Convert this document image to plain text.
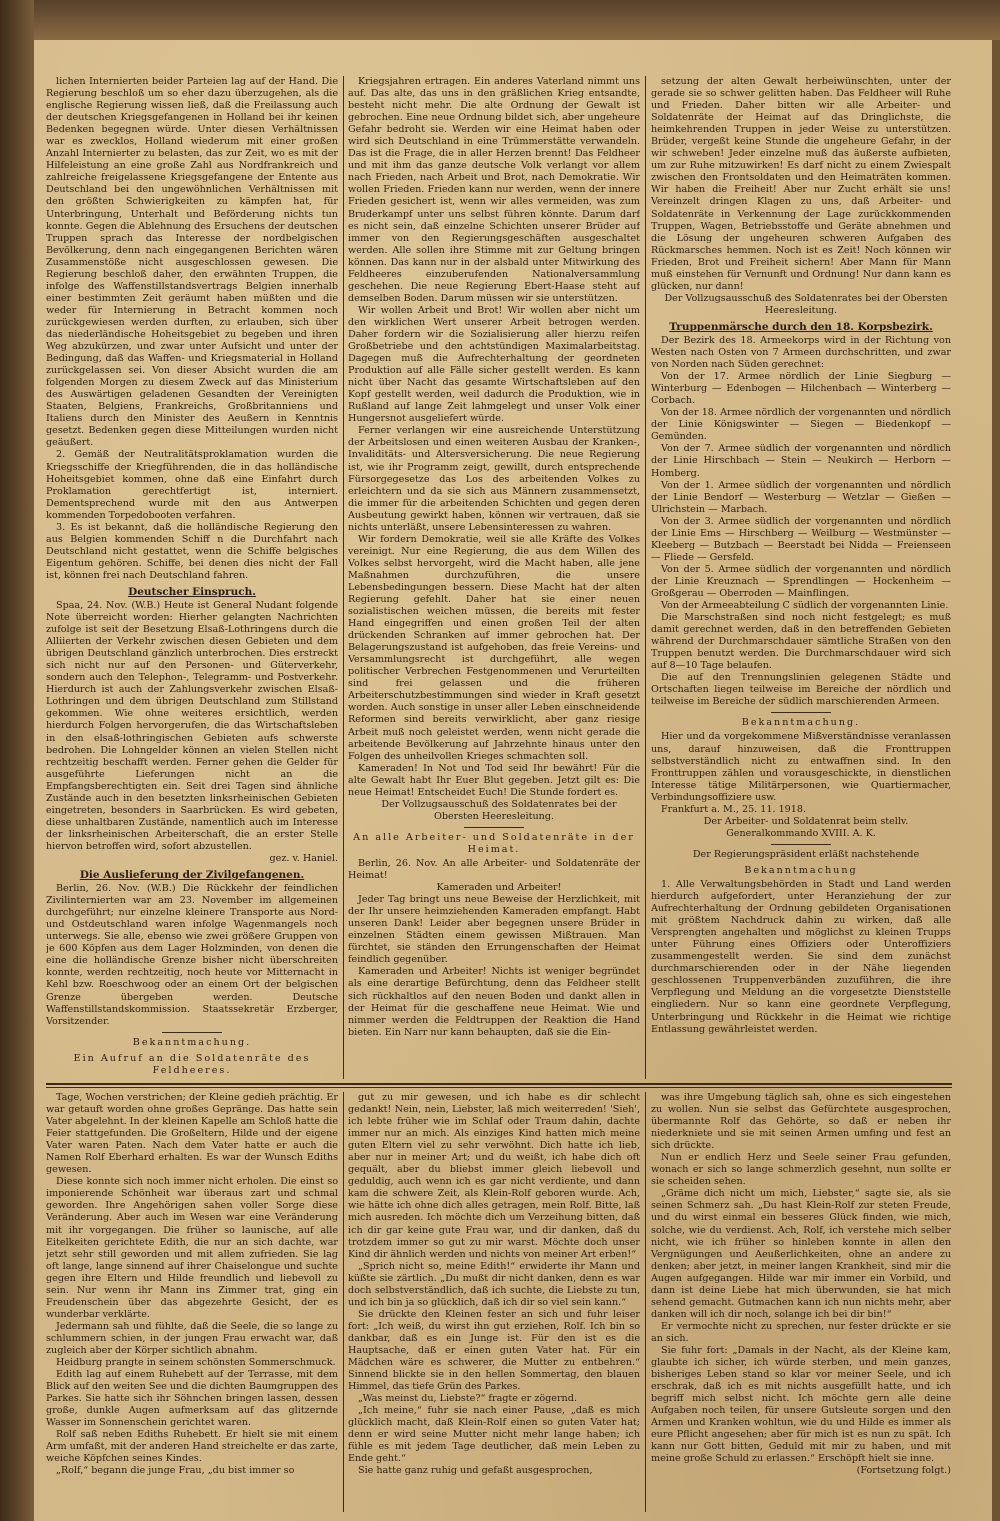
lichen Internierten beider Parteien lag auf der Hand. Die Regierung beschloß um so eher dazu überzugehen, als die englische Regierung wissen ließ, daß die Freilassung auch der deutschen Kriegsgefangenen in Holland bei ihr keinen Bedenken begegnen würde. Unter diesen Verhältnissen war es zwecklos, Holland wiederum mit einer großen Anzahl Internierter zu belasten, das zur Zeit, wo es mit der Hilfeleistung an eine große Zahl aus Nordfrankreich und zahlreiche freigelassene Kriegsgefangene der Entente aus Deutschland bei den ungewöhnlichen Verhältnissen mit den größten Schwierigkeiten zu kämpfen hat, für Unterbringung, Unterhalt und Beförderung nichts tun konnte. Gegen die Ablehnung des Ersuchens der deutschen Truppen sprach das Interesse der nordbelgischen Bevölkerung, denn nach eingegangenen Berichten wären Zusammenstöße nicht ausgeschlossen gewesen. Die Regierung beschloß daher, den erwähnten Truppen, die infolge des Waffenstillstandsvertrags Belgien innerhalb einer bestimmten Zeit geräumt haben müßten und die weder für Internierung in Betracht kommen noch zurückgewiesen werden durften, zu erlauben, sich über das niederländische Hoheitsgebiet zu begeben und ihren Weg abzukürzen, und zwar unter Aufsicht und unter der Bedingung, daß das Waffen- und Kriegsmaterial in Holland zurückgelassen sei. Von dieser Absicht wurden die am folgenden Morgen zu diesem Zweck auf das Ministerium des Auswärtigen geladenen Gesandten der Vereinigten Staaten, Belgiens, Frankreichs, Großbritanniens und Italiens durch den Minister des Aeußern in Kenntnis gesetzt. Bedenken gegen diese Mitteilungen wurden nicht geäußert.

2. Gemäß der Neutralitätsproklamation wurden die Kriegsschiffe der Kriegführenden, die in das holländische Hoheitsgebiet kommen, ohne daß eine Einfahrt durch Proklamation gerechtfertigt ist, interniert. Dementsprechend wurde mit den aus Antwerpen kommenden Torpedobooten verfahren.

3. Es ist bekannt, daß die holländische Regierung den aus Belgien kommenden Schiff n die Durchfahrt nach Deutschland nicht gestattet, wenn die Schiffe belgisches Eigentum gehören. Schiffe, bei denen dies nicht der Fall ist, können frei nach Deutschland fahren.

Deutscher Einspruch.

Spaa, 24. Nov. (W.B.) Heute ist General Nudant folgende Note überreicht worden: Hierher gelangten Nachrichten zufolge ist seit der Besetzung Elsaß-Lothringens durch die Alliierten der Verkehr zwischen diesen Gebieten und dem übrigen Deutschland gänzlich unterbrochen. Dies erstreckt sich nicht nur auf den Personen- und Güterverkehr, sondern auch den Telephon-, Telegramm- und Postverkehr. Hierdurch ist auch der Zahlungsverkehr zwischen Elsaß-Lothringen und dem übrigen Deutschland zum Stillstand gekommen. Wie ohne weiteres ersichtlich, werden hierdurch Folgen hervorgerufen, die das Wirtschaftsleben in den elsaß-lothringischen Gebieten aufs schwerste bedrohen. Die Lohngelder können an vielen Stellen nicht rechtzeitig beschafft werden. Ferner gehen die Gelder für ausgeführte Lieferungen nicht an die Empfangsberechtigten ein. Seit drei Tagen sind ähnliche Zustände auch in den besetzten linksrheinischen Gebieten eingetreten, besonders in Saarbrücken. Es wird gebeten, diese unhaltbaren Zustände, namentlich auch im Interesse der linksrheinischen Arbeiterschaft, die an erster Stelle hiervon betroffen wird, sofort abzustellen.

gez. v. Haniel.

Die Auslieferung der Zivilgefangenen.

Berlin, 26. Nov. (W.B.) Die Rückkehr der feindlichen Zivilinternierten war am 23. November im allgemeinen durchgeführt; nur einzelne kleinere Transporte aus Nord- und Ostdeutschland waren infolge Wagenmangels noch unterwegs. Sie alle, ebenso wie zwei größere Gruppen von je 600 Köpfen aus dem Lager Holzminden, von denen die eine die holländische Grenze bisher nicht überschreiten konnte, werden rechtzeitig, noch heute vor Mitternacht in Kehl bzw. Roeschwoog oder an einem Ort der belgischen Grenze übergeben werden. Deutsche Waffenstillstandskommission. Staatssekretär Erzberger, Vorsitzender.

Bekanntmachung.
Ein Aufruf an die Soldatenräte des Feldheeres.

Kriegsjahren ertragen. Ein anderes Vaterland nimmt uns auf. Das alte, das uns in den gräßlichen Krieg entsandte, besteht nicht mehr. Die alte Ordnung der Gewalt ist gebrochen. Eine neue Ordnung bildet sich, aber ungeheure Gefahr bedroht sie. Werden wir eine Heimat haben oder wird sich Deutschland in eine Trümmerstätte verwandeln. Das ist die Frage, die in aller Herzen brennt! Das Feldheer und mit ihm das ganze deutsche Volk verlangt vor allem nach Frieden, nach Arbeit und Brot, nach Demokratie. Wir wollen Frieden. Frieden kann nur werden, wenn der innere Frieden gesichert ist, wenn wir alles vermeiden, was zum Bruderkampf unter uns selbst führen könnte. Darum darf es nicht sein, daß einzelne Schichten unserer Brüder auf immer von den Regierungsgeschäften ausgeschaltet werden. Alle sollen ihre Stimme mit zur Geltung bringen können. Das kann nur in der alsbald unter Mitwirkung des Feldheeres einzuberufenden Nationalversammlung geschehen. Die neue Regierung Ebert-Haase steht auf demselben Boden. Darum müssen wir sie unterstützen.

Wir wollen Arbeit und Brot! Wir wollen aber nicht um den wirklichen Wert unserer Arbeit betrogen werden. Daher fordern wir die Sozialisierung aller hierzu reifen Großbetriebe und den achtstündigen Maximalarbeitstag. Dagegen muß die Aufrechterhaltung der geordneten Produktion auf alle Fälle sicher gestellt werden. Es kann nicht über Nacht das gesamte Wirtschaftsleben auf den Kopf gestellt werden, weil dadurch die Produktion, wie in Rußland auf lange Zeit lahmgelegt und unser Volk einer Hungersnot ausgeliefert würde.

Ferner verlangen wir eine ausreichende Unterstützung der Arbeitslosen und einen weiteren Ausbau der Kranken-, Invaliditäts- und Altersversicherung. Die neue Regierung ist, wie ihr Programm zeigt, gewillt, durch entsprechende Fürsorgegesetze das Los des arbeitenden Volkes zu erleichtern und da sie sich aus Männern zusammensetzt, die immer für die arbeitenden Schichten und gegen deren Ausbeutung gewirkt haben, können wir vertrauen, daß sie nichts unterläßt, unsere Lebensinteressen zu wahren.

Wir fordern Demokratie, weil sie alle Kräfte des Volkes vereinigt. Nur eine Regierung, die aus dem Willen des Volkes selbst hervorgeht, wird die Macht haben, alle jene Maßnahmen durchzuführen, die unsere Lebensbedingungen bessern. Diese Macht hat der alten Regierung gefehlt. Daher hat sie einer neuen sozialistischen weichen müssen, die bereits mit fester Hand eingegriffen und einen großen Teil der alten drückenden Schranken auf immer gebrochen hat. Der Belagerungszustand ist aufgehoben, das freie Vereins- und Versammlungsrecht ist durchgeführt, alle wegen politischer Verbrechen Festgenommenen und Verurteilten sind frei gelassen und die früheren Arbeiterschutzbestimmungen sind wieder in Kraft gesetzt worden. Auch sonstige in unser aller Leben einschneidende Reformen sind bereits verwirklicht, aber ganz riesige Arbeit muß noch geleistet werden, wenn nicht gerade die arbeitende Bevölkerung auf Jahrzehnte hinaus unter den Folgen des unheilvollen Krieges schmachten soll.

Kameraden! In Not und Tod seid Ihr bewährt! Für die alte Gewalt habt Ihr Euer Blut gegeben. Jetzt gilt es: Die neue Heimat! Entscheidet Euch! Die Stunde fordert es.

Der Vollzugsausschuß des Soldatenrates bei der Obersten Heeresleitung.

An alle Arbeiter- und Soldatenräte in der Heimat.

Berlin, 26. Nov. An alle Arbeiter- und Soldatenräte der Heimat!

Kameraden und Arbeiter!

Jeder Tag bringt uns neue Beweise der Herzlichkeit, mit der Ihr unsere heimziehenden Kameraden empfangt. Habt unseren Dank! Leider aber begegnen unsere Brüder in einzelnen Städten einem gewissen Mißtrauen. Man fürchtet, sie ständen den Errungenschaften der Heimat feindlich gegenüber.

Kameraden und Arbeiter! Nichts ist weniger begründet als eine derartige Befürchtung, denn das Feldheer stellt sich rückhaltlos auf den neuen Boden und dankt allen in der Heimat für die geschaffene neue Heimat. Wie und nimmer werden die Feldtruppen der Reaktion die Hand bieten. Ein Narr nur kann behaupten, daß sie die Ein-

setzung der alten Gewalt herbeiwünschten, unter der gerade sie so schwer gelitten haben. Das Feldheer will Ruhe und Frieden. Daher bitten wir alle Arbeiter- und Soldatenräte der Heimat auf das Dringlichste, die heimkehrenden Truppen in jeder Weise zu unterstützen. Brüder, vergeßt keine Stunde die ungeheure Gefahr, in der wir schweben! Jeder einzelne muß das äußerste aufbieten, um zur Ruhe mitzuwirken! Es darf nicht zu einem Zwiespalt zwischen den Frontsoldaten und den Heimaträten kommen. Wir haben die Freiheit! Aber nur Zucht erhält sie uns! Vereinzelt dringen Klagen zu uns, daß Arbeiter- und Soldatenräte in Verkennung der Lage zurückkommenden Truppen, Wagen, Betriebsstoffe und Geräte abnehmen und die Lösung der ungeheuren schweren Aufgaben des Rückmarsches hemmen. Noch ist es Zeit! Noch können wir Frieden, Brot und Freiheit sichern! Aber Mann für Mann muß einstehen für Vernunft und Ordnung! Nur dann kann es glücken, nur dann!

Der Vollzugsausschuß des Soldatenrates bei der Obersten Heeresleitung.

Truppenmärsche durch den 18. Korpsbezirk.

Der Bezirk des 18. Armeekorps wird in der Richtung von Westen nach Osten von 7 Armeen durchschritten, und zwar von Norden nach Süden gerechnet:

Von der 17. Armee nördlich der Linie Siegburg — Winterburg — Edenbogen — Hilchenbach — Winterberg — Corbach.

Von der 18. Armee nördlich der vorgenannten und nördlich der Linie Königswinter — Siegen — Biedenkopf — Gemünden.

Von der 7. Armee südlich der vorgenannten und nördlich der Linie Hirschbach — Stein — Neukirch — Herborn — Homberg.

Von der 1. Armee südlich der vorgenannten und nördlich der Linie Bendorf — Westerburg — Wetzlar — Gießen — Ulrichstein — Marbach.

Von der 3. Armee südlich der vorgenannten und nördlich der Linie Ems — Hirschberg — Weilburg — Westmünster — Kleeberg — Butzbach — Beerstadt bei Nidda — Freienseen — Fliede — Gersfeld.

Von der 5. Armee südlich der vorgenannten und nördlich der Linie Kreuznach — Sprendlingen — Hockenheim — Großgerau — Oberroden — Mainflingen.

Von der Armeeabteilung C südlich der vorgenannten Linie.

Die Marschstraßen sind noch nicht festgelegt; es muß damit gerechnet werden, daß in den betreffenden Gebieten während der Durchmarschdauer sämtliche Straßen von den Truppen benutzt werden. Die Durchmarschdauer wird sich auf 8—10 Tage belaufen.

Die auf den Trennungslinien gelegenen Städte und Ortschaften liegen teilweise im Bereiche der nördlich und teilweise im Bereiche der südlich marschierenden Armeen.

Bekanntmachung.

Hier und da vorgekommene Mißverständnisse veranlassen uns, darauf hinzuweisen, daß die Fronttruppen selbstverständlich nicht zu entwaffnen sind. In den Fronttruppen zählen und vorausgeschickte, in dienstlichen Interesse tätige Militärpersonen, wie Quartiermacher, Verbindungsoffiziere usw.

Frankfurt a. M., 25. 11. 1918.

Der Arbeiter- und Soldatenrat beim stellv. Generalkommando XVIII. A. K.

Der Regierungspräsident erläßt nachstehende

Bekanntmachung

1. Alle Verwaltungsbehörden in Stadt und Land werden hierdurch aufgefordert, unter Heranziehung der zur Aufrechterhaltung der Ordnung gebildeten Organisationen mit größtem Nachdruck dahin zu wirken, daß alle Versprengten angehalten und möglichst zu kleinen Trupps unter Führung eines Offiziers oder Unteroffiziers zusammengestellt werden. Sie sind dem zunächst durchmarschierenden oder in der Nähe liegenden geschlossenen Truppenverbänden zuzuführen, die ihre Verpflegung und Meldung an die vorgesetzte Dienststelle eingliedern. Nur so kann eine geordnete Verpflegung, Unterbringung und Rückkehr in die Heimat wie richtige Entlassung gewährleistet werden.

Tage, Wochen verstrichen; der Kleine gedieh prächtig. Er war getauft worden ohne großes Gepränge. Das hatte sein Vater abgelehnt. In der kleinen Kapelle am Schloß hatte die Feier stattgefunden. Die Großeltern, Hilde und der eigene Vater waren Paten. Nach dem Vater hatte er auch die Namen Rolf Eberhard erhalten. Es war der Wunsch Ediths gewesen.

Diese konnte sich noch immer nicht erholen. Die einst so imponierende Schönheit war überaus zart und schmal geworden. Ihre Angehörigen sahen voller Sorge diese Veränderung. Aber auch im Wesen war eine Veränderung mit ihr vorgegangen. Die früher so launische, auf alle Eitelkeiten gerichtete Edith, die nur an sich dachte, war jetzt sehr still geworden und mit allem zufrieden. Sie lag oft lange, lange sinnend auf ihrer Chaiselongue und suchte gegen ihre Eltern und Hilde freundlich und liebevoll zu sein. Nur wenn ihr Mann ins Zimmer trat, ging ein Freudenschein über das abgezehrte Gesicht, der es wunderbar verklärte.

Jedermann sah und fühlte, daß die Seele, die so lange zu schlummern schien, in der jungen Frau erwacht war, daß zugleich aber der Körper sichtlich abnahm.

Heidburg prangte in seinem schönsten Sommerschmuck.

Edith lag auf einem Ruhebett auf der Terrasse, mit dem Blick auf den weiten See und die dichten Baumgruppen des Parkes. Sie hatte sich ihr Söhnchen bringen lassen, dessen große, dunkle Augen aufmerksam auf das glitzernde Wasser im Sonnenschein gerichtet waren.

Rolf saß neben Ediths Ruhebett. Er hielt sie mit einem Arm umfaßt, mit der anderen Hand streichelte er das zarte, weiche Köpfchen seines Kindes.

„Rolf,“ begann die junge Frau, „du bist immer so

gut zu mir gewesen, und ich habe es dir schlecht gedankt! Nein, nein, Liebster, laß mich weiterreden! 'Sieh', ich lebte früher wie im Schlaf oder Traum dahin, dachte immer nur an mich. Als einziges Kind hatten mich meine guten Eltern viel zu sehr verwöhnt. Dich hatte ich lieb, aber nur in meiner Art; und du weißt, ich habe dich oft gequält, aber du bliebst immer gleich liebevoll und geduldig, auch wenn ich es gar nicht verdiente, und dann kam die schwere Zeit, als Klein-Rolf geboren wurde. Ach, wie hätte ich ohne dich alles getragen, mein Rolf. Bitte, laß mich ausreden. Ich möchte dich um Verzeihung bitten, daß ich dir gar keine gute Frau war, und dir danken, daß du trotzdem immer so gut zu mir warst. Möchte doch unser Kind dir ähnlich werden und nichts von meiner Art erben!“

„Sprich nicht so, meine Edith!“ erwiderte ihr Mann und küßte sie zärtlich. „Du mußt dir nicht danken, denn es war doch selbstverständlich, daß ich suchte, die Liebste zu tun, und ich bin ja so glücklich, daß ich dir so viel sein kann.“

Sie drückte den Kleinen fester an sich und fuhr leiser fort: „Ich weiß, du wirst ihn gut erziehen, Rolf. Ich bin so dankbar, daß es ein Junge ist. Für den ist es die Hauptsache, daß er einen guten Vater hat. Für ein Mädchen wäre es schwerer, die Mutter zu entbehren.“ Sinnend blickte sie in den hellen Sommertag, den blauen Himmel, das tiefe Grün des Parkes.

„Was meinst du, Liebste?“ fragte er zögernd.

„Ich meine,“ fuhr sie nach einer Pause, „daß es mich glücklich macht, daß Klein-Rolf einen so guten Vater hat; denn er wird seine Mutter nicht mehr lange haben; ich fühle es mit jedem Tage deutlicher, daß mein Leben zu Ende geht.“

Sie hatte ganz ruhig und gefaßt ausgesprochen,

was ihre Umgebung täglich sah, ohne es sich eingestehen zu wollen. Nun sie selbst das Gefürchtete ausgesprochen, übermannte Rolf das Gehörte, so daß er neben ihr niederkniete und sie mit seinen Armen umfing und fest an sich drückte.

Nun er endlich Herz und Seele seiner Frau gefunden, wonach er sich so lange schmerzlich gesehnt, nun sollte er sie scheiden sehen.

„Gräme dich nicht um mich, Liebster,“ sagte sie, als sie seinen Schmerz sah. „Du hast Klein-Rolf zur steten Freude, und du wirst einmal ein besseres Glück finden, wie mich, solche, wie du verdienst. Ach, Rolf, ich verstehe mich selber nicht, wie ich früher so hinleben konnte in allen den Vergnügungen und Aeußerlichkeiten, ohne an andere zu denken; aber jetzt, in meiner langen Krankheit, sind mir die Augen aufgegangen. Hilde war mir immer ein Vorbild, und dann ist deine Liebe hat mich überwunden, sie hat mich sehend gemacht. Gutmachen kann ich nun nichts mehr, aber danken will ich dir noch, solange ich bei dir bin!“

Er vermochte nicht zu sprechen, nur fester drückte er sie an sich.

Sie fuhr fort: „Damals in der Nacht, als der Kleine kam, glaubte ich sicher, ich würde sterben, und mein ganzes, bisheriges Leben stand so klar vor meiner Seele, und ich erschrak, daß ich es mit nichts ausgefüllt hatte, und ich begriff mich selbst nicht. Ich möchte gern alle deine Aufgaben noch teilen, für unsere Gutsleute sorgen und den Armen und Kranken wohltun, wie du und Hilde es immer als eure Pflicht angesehen; aber für mich ist es nun zu spät. Ich kann nur Gott bitten, Geduld mit mir zu haben, und mit meine große Schuld zu erlassen.“ Erschöpft hielt sie inne.

(Fortsetzung folgt.)
